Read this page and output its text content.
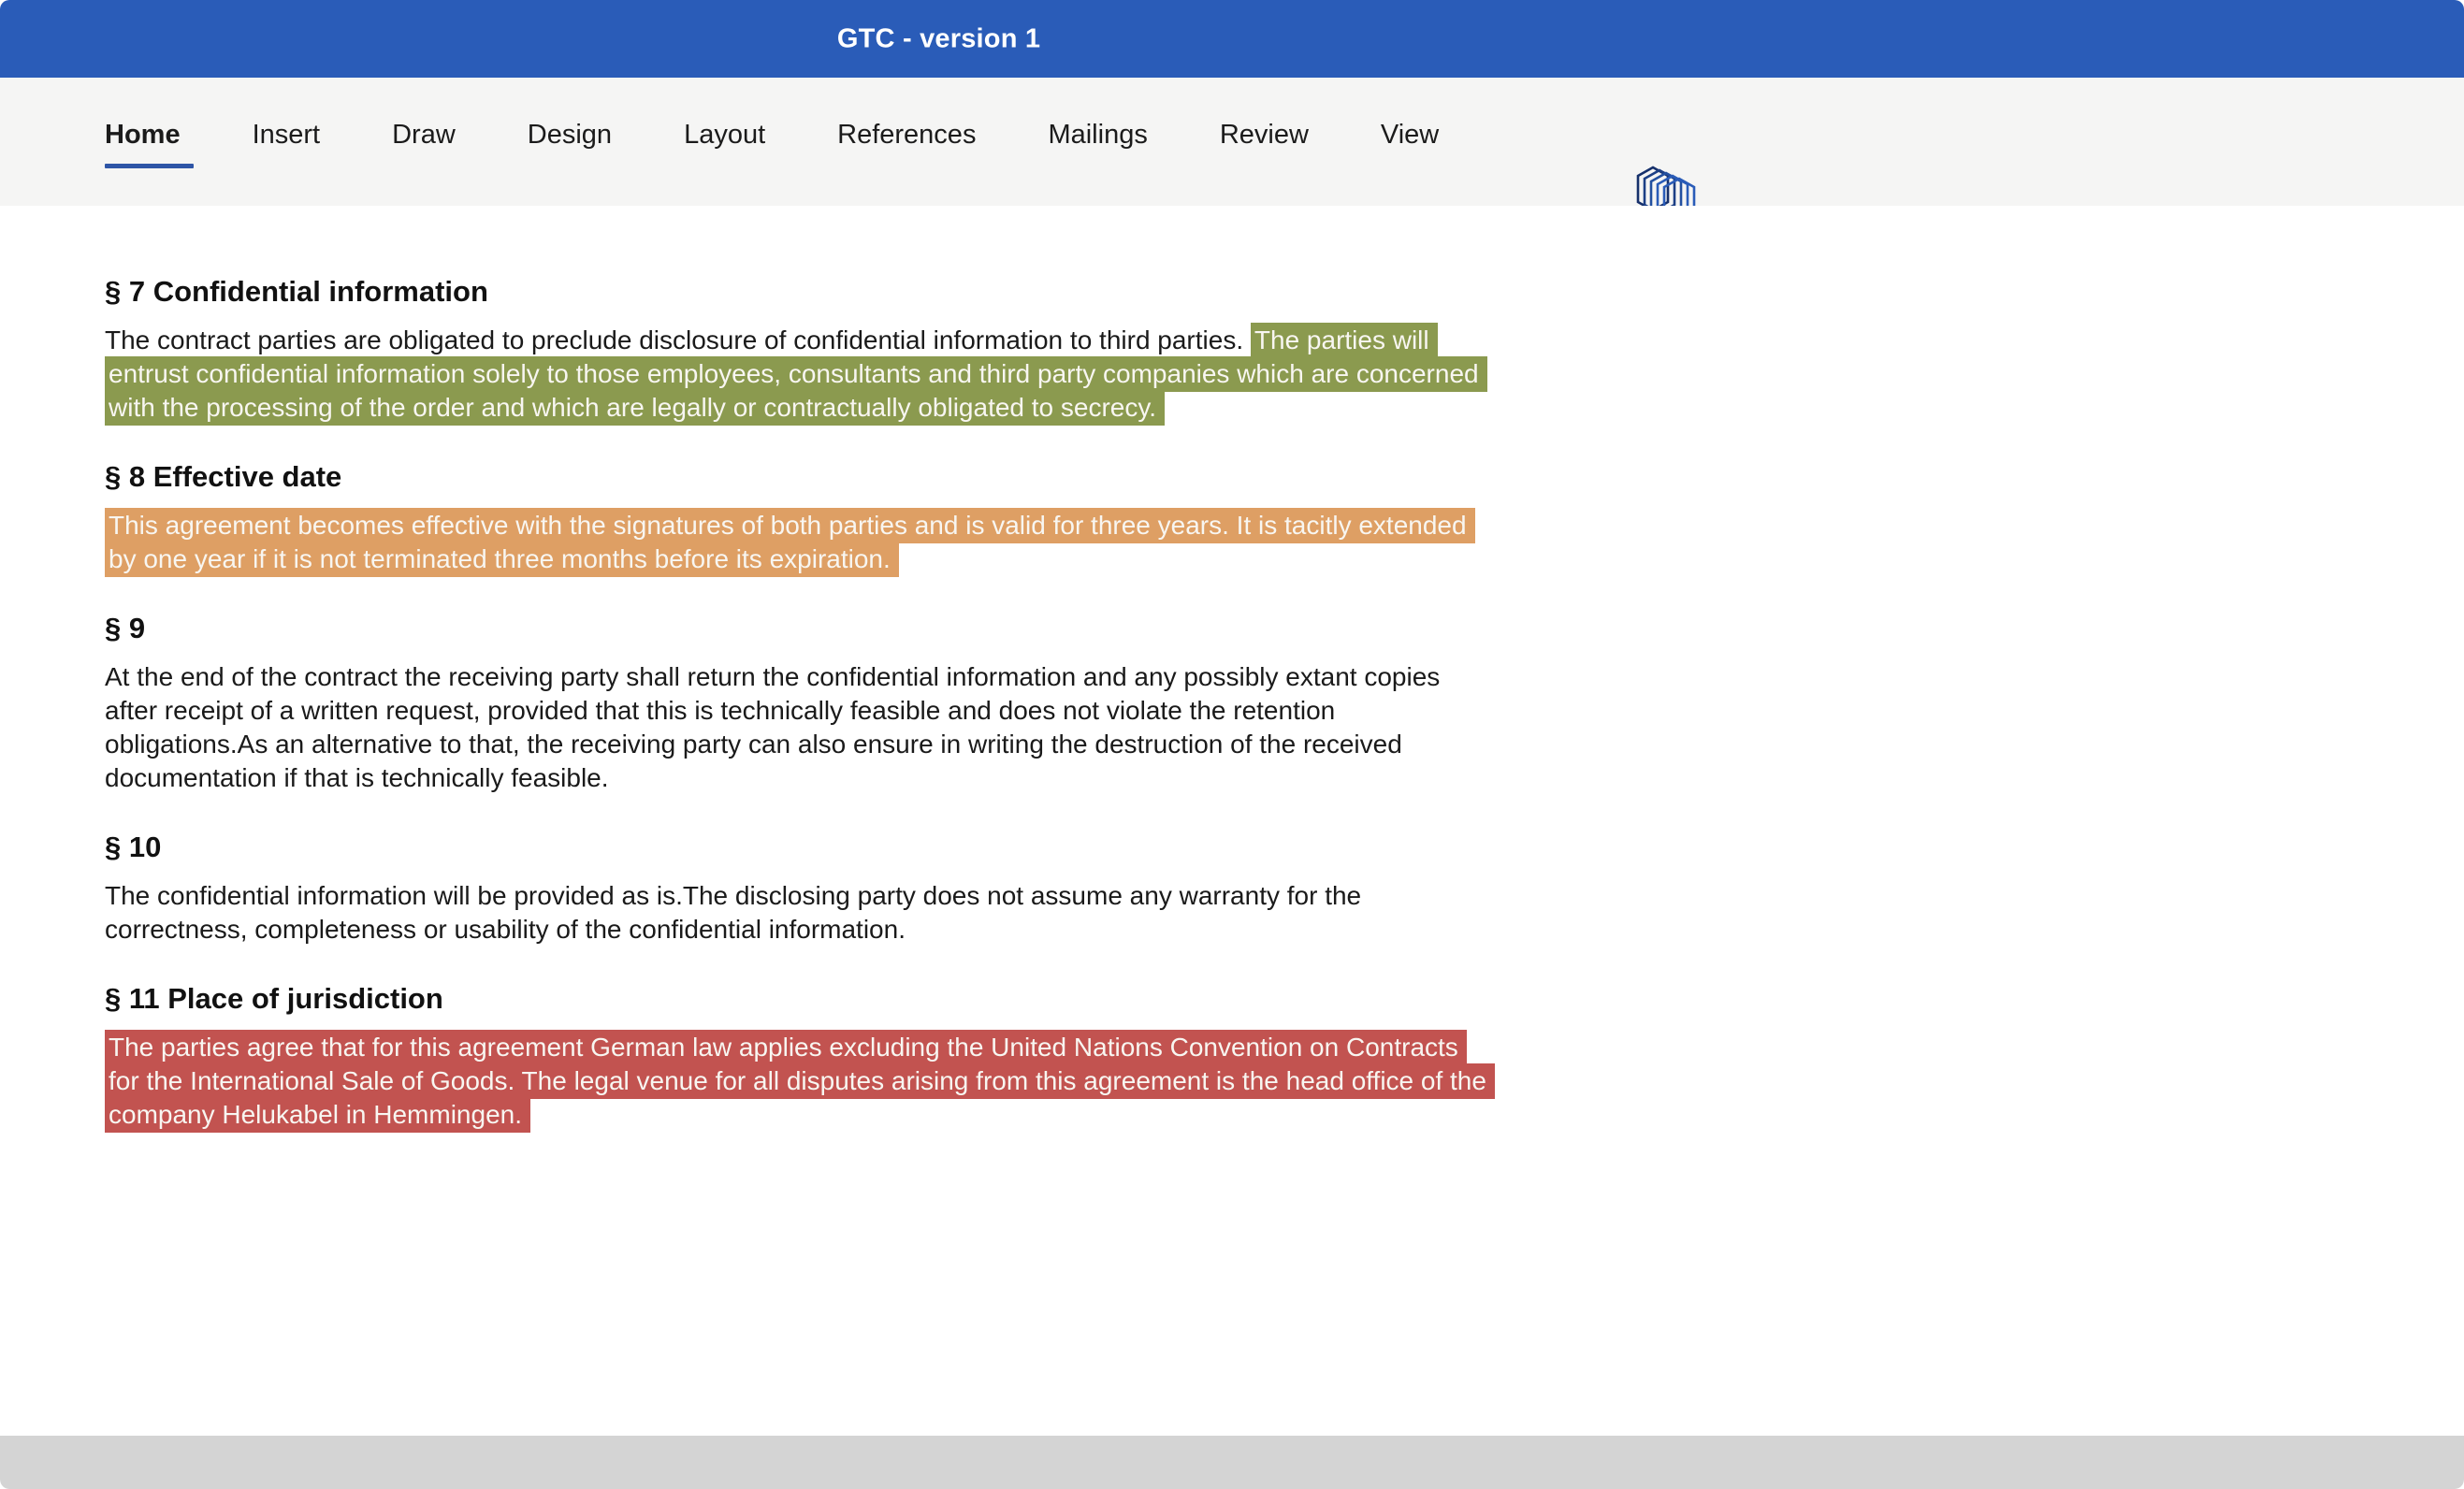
GTC - version 1
Home	Insert	Draw	Design	Layout	References	Mailings	Review	View
§ 7 Confidential information

The contract parties are obligated to preclude disclosure of confidential information to third parties. The parties will entrust confidential information solely to those employees, consultants and third party companies which are concerned with the processing of the order and which are legally or contractually obligated to secrecy.

§ 8 Effective date

This agreement becomes effective with the signatures of both parties and is valid for three years. It is tacitly extended by one year if it is not terminated three months before its expiration.

§ 9

At the end of the contract the receiving party shall return the confidential information and any possibly extant copies after receipt of a written request, provided that this is technically feasible and does not violate the retention obligations.As an alternative to that, the receiving party can also ensure in writing the destruction of the received documentation if that is technically feasible.

§ 10

The confidential information will be provided as is.The disclosing party does not assume any warranty for the correctness, completeness or usability of the confidential information.

§ 11 Place of jurisdiction

The parties agree that for this agreement German law applies excluding the United Nations Convention on Contracts for the International Sale of Goods. The legal venue for all disputes arising from this agreement is the head office of the company Helukabel in Hemmingen.
